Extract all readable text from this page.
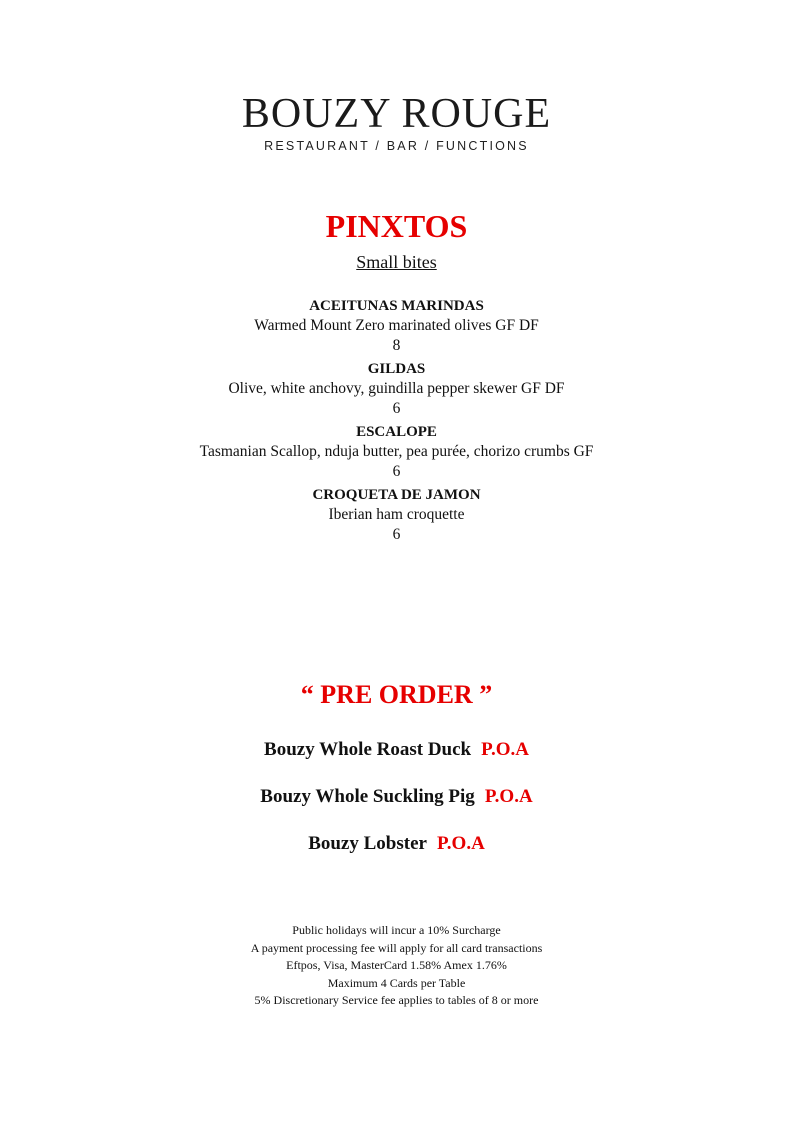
BOUZY ROUGE
RESTAURANT / BAR / FUNCTIONS
PINXTOS
Small bites
ACEITUNAS MARINDAS
Warmed Mount Zero marinated olives GF DF
8
GILDAS
Olive, white anchovy, guindilla pepper skewer GF DF
6
ESCALOPE
Tasmanian Scallop, nduja butter, pea purée, chorizo crumbs GF
6
CROQUETA DE JAMON
Iberian ham croquette
6
“ PRE ORDER ”
Bouzy Whole Roast Duck P.O.A
Bouzy Whole Suckling Pig P.O.A
Bouzy Lobster P.O.A
Public holidays will incur a 10% Surcharge
A payment processing fee will apply for all card transactions
Eftpos, Visa, MasterCard 1.58% Amex 1.76%
Maximum 4 Cards per Table
5% Discretionary Service fee applies to tables of 8 or more
